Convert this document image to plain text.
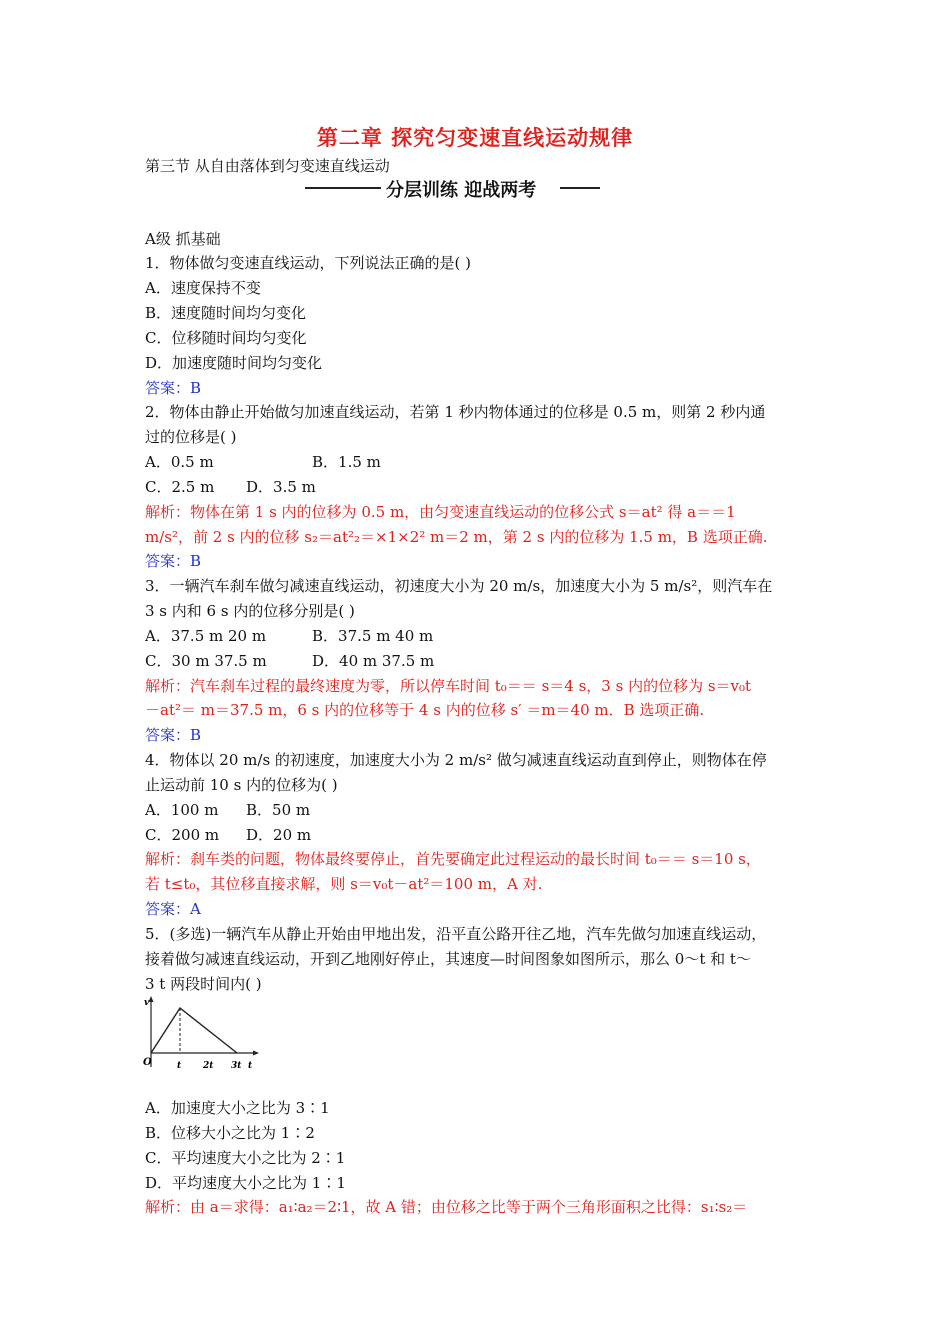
第二章 探究匀变速直线运动规律
第三节 从自由落体到匀变速直线运动
分层训练 迎战两考
A级 抓基础
1．物体做匀变速直线运动，下列说法正确的是( )
A．速度保持不变
B．速度随时间均匀变化
C．位移随时间均匀变化
D．加速度随时间均匀变化
答案：B
2．物体由静止开始做匀加速直线运动，若第 1 秒内物体通过的位移是 0.5 m，则第 2 秒内通
过的位移是( )
A．0.5 m	B．1.5 m
C．2.5 m D．3.5 m
解析：物体在第 1 s 内的位移为 0.5 m，由匀变速直线运动的位移公式 s＝at² 得 a＝＝1
m/s²，前 2 s 内的位移 s₂＝at²₂＝×1×2² m＝2 m，第 2 s 内的位移为 1.5 m，B 选项正确.
答案：B
3．一辆汽车刹车做匀减速直线运动，初速度大小为 20 m/s，加速度大小为 5 m/s²，则汽车在
3 s 内和 6 s 内的位移分别是( )
A．37.5 m 20 m	B．37.5 m 40 m
C．30 m 37.5 m	D．40 m 37.5 m
解析：汽车刹车过程的最终速度为零，所以停车时间 t₀＝＝ s＝4 s，3 s 内的位移为 s＝v₀t
－at²＝ m＝37.5 m，6 s 内的位移等于 4 s 内的位移 s′ ＝m＝40 m．B 选项正确.
答案：B
4．物体以 20 m/s 的初速度，加速度大小为 2 m/s² 做匀减速直线运动直到停止，则物体在停
止运动前 10 s 内的位移为( )
A．100 m B．50 m
C．200 m D．20 m
解析：刹车类的问题，物体最终要停止，首先要确定此过程运动的最长时间 t₀＝＝ s＝10 s，
若 t≤t₀，其位移直接求解，则 s＝v₀t－at²＝100 m，A 对.
答案：A
5．(多选)一辆汽车从静止开始由甲地出发，沿平直公路开往乙地，汽车先做匀加速直线运动，
接着做匀减速直线运动，开到乙地刚好停止，其速度—时间图象如图所示，那么 0～t 和 t～
3 t 两段时间内( )
v
O	t 2t 3t t
A．加速度大小之比为 3∶1
B．位移大小之比为 1∶2
C．平均速度大小之比为 2∶1
D．平均速度大小之比为 1∶1
解析：由 a＝求得：a₁∶a₂＝2∶1，故 A 错；由位移之比等于两个三角形面积之比得：s₁∶s₂＝
